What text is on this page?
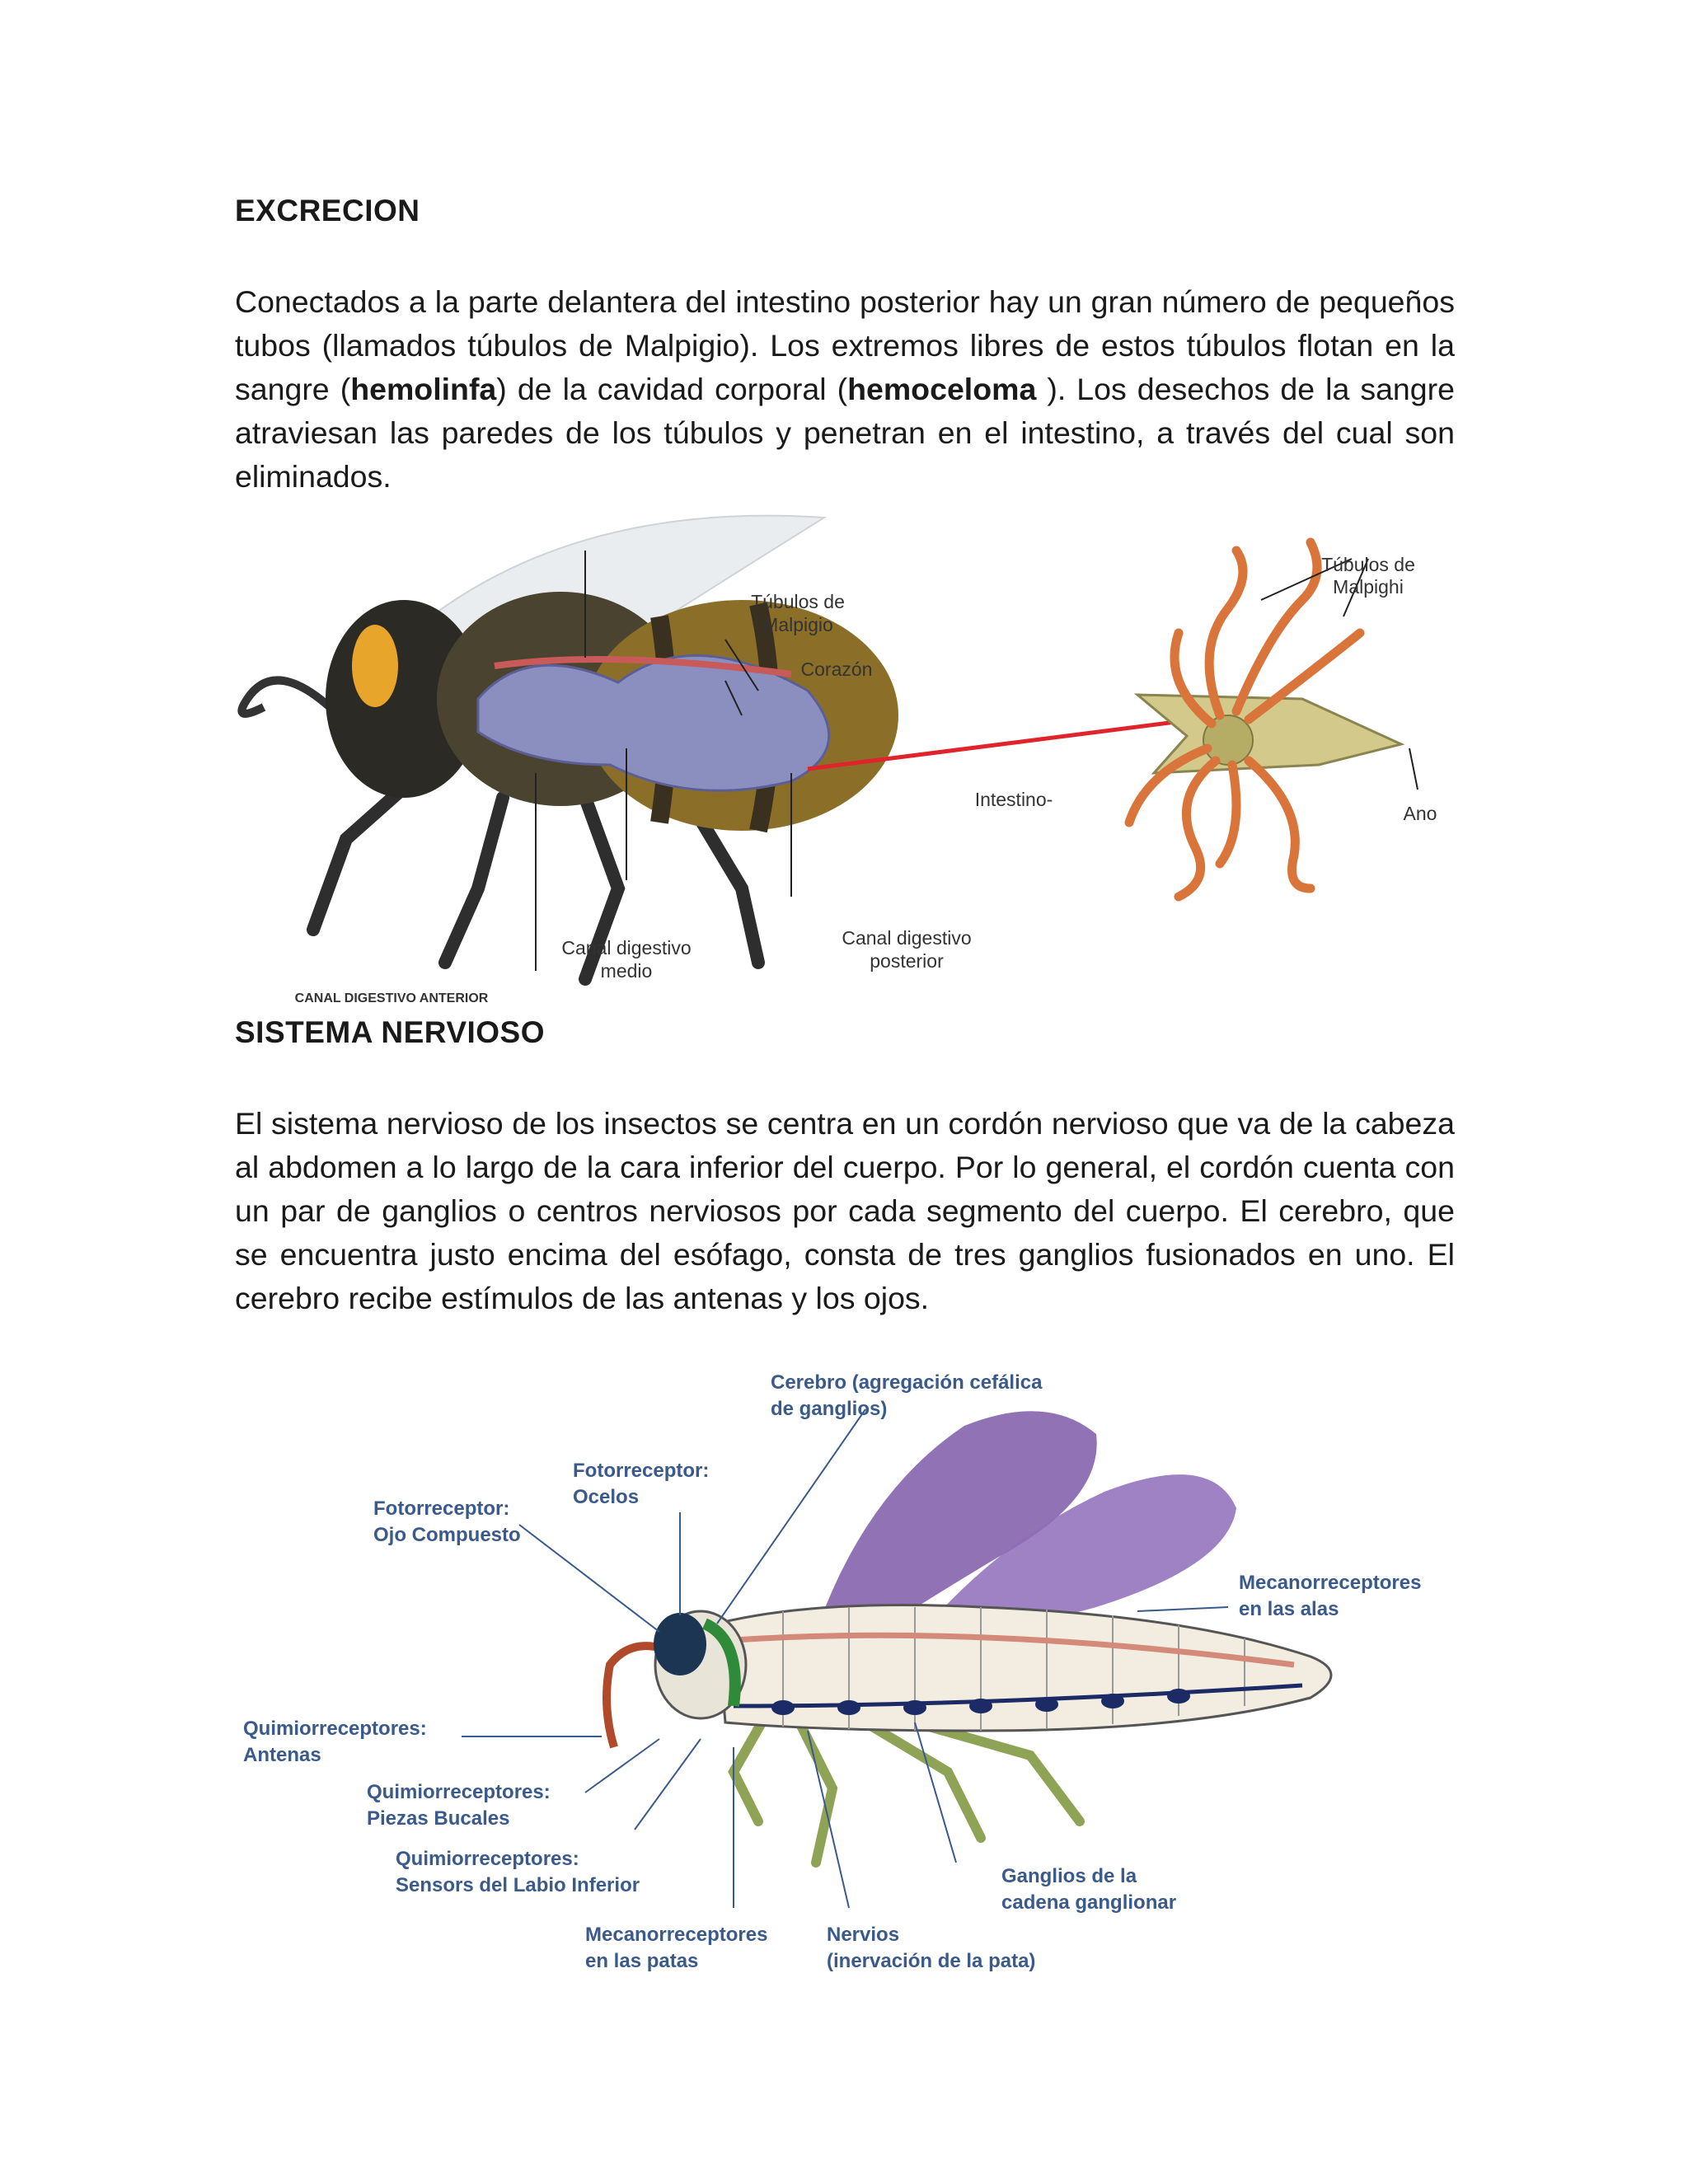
EXCRECION
Conectados a la parte delantera del intestino posterior hay un gran número de pequeños tubos (llamados túbulos de Malpigio). Los extremos libres de estos túbulos flotan en la sangre (hemolinfa) de la cavidad corporal (hemoceloma ). Los desechos de la sangre atraviesan las paredes de los túbulos y penetran en el intestino, a través del cual son eliminados.
Túbulos de
Malpigio
Corazón
Canal digestivo
medio
Canal digestivo
posterior
Túbulos de
Malpighi
Intestino-
Ano
CANAL DIGESTIVO ANTERIOR
SISTEMA NERVIOSO
El sistema nervioso de los insectos se centra en un cordón nervioso que va de la cabeza al abdomen a lo largo de la cara inferior del cuerpo. Por lo general, el cordón cuenta con un par de ganglios o centros nerviosos por cada segmento del cuerpo. El cerebro, que se encuentra justo encima del esófago, consta de tres ganglios fusionados en uno. El cerebro recibe estímulos de las antenas y los ojos.
Cerebro (agregación cefálica
de ganglios)
Fotorreceptor:
Ocelos
Fotorreceptor:
Ojo Compuesto
Mecanorreceptores
en las alas
Quimiorreceptores:
Antenas
Quimiorreceptores:
Piezas Bucales
Quimiorreceptores:
Sensors del Labio Inferior
Mecanorreceptores
en las patas
Nervios
(inervación de la pata)
Ganglios de la
cadena ganglionar
